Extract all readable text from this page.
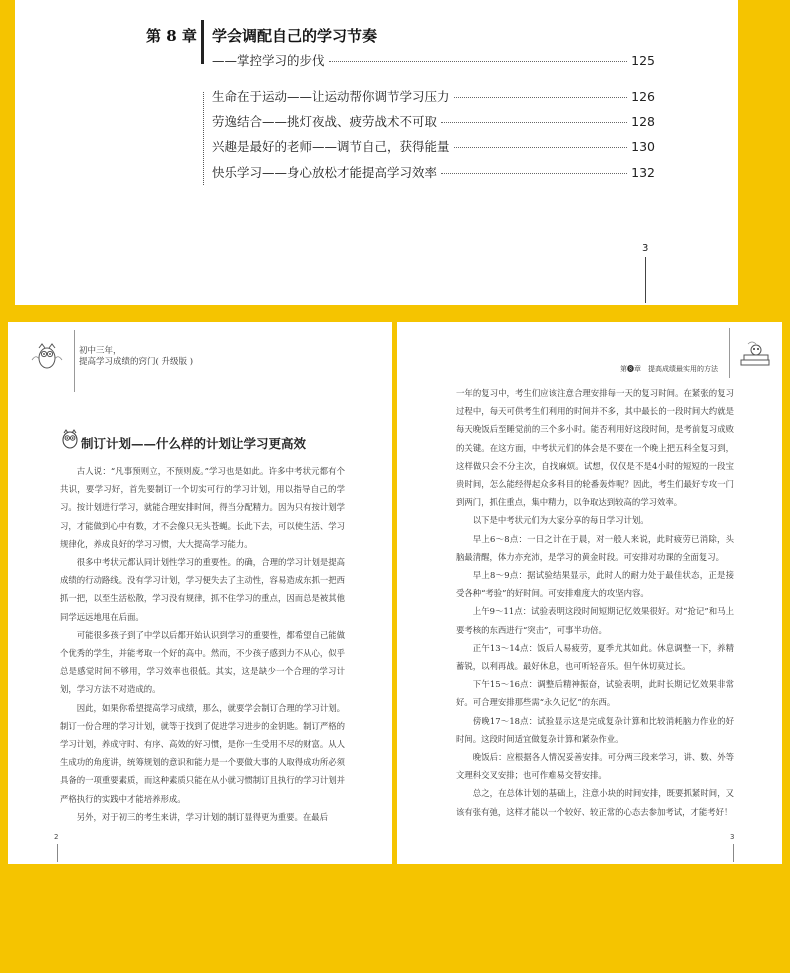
第 8 章 学会调配自己的学习节奏
——掌控学习的步伐	125
生命在于运动——让运动帮你调节学习压力	126
劳逸结合——挑灯夜战、疲劳战术不可取	128
兴趣是最好的老师——调节自己，获得能量	130
快乐学习——身心放松才能提高学习效率	132
3
初中三年，
提高学习成绩的窍门( 升级版 )
制订计划——什么样的计划让学习更高效

古人说：“凡事预则立，不预则废。”学习也是如此。许多中考状元都有个共识，要学习好，首先要制订一个切实可行的学习计划，用以指导自己的学习。按计划进行学习，就能合理安排时间，得当分配精力。因为只有按计划学习，才能做到心中有数，才不会像只无头苍蝇。长此下去，可以使生活、学习规律化，养成良好的学习习惯，大大提高学习能力。

很多中考状元都认同计划性学习的重要性。的确，合理的学习计划是提高成绩的行动路线。没有学习计划，学习便失去了主动性，容易造成东抓一把西抓一把，以至生活松散，学习没有规律，抓不住学习的重点，因而总是被其他同学远远地甩在后面。

可能很多孩子到了中学以后都开始认识到学习的重要性，都希望自己能做个优秀的学生，并能考取一个好的高中。然而，不少孩子感到力不从心，似乎总是感觉时间不够用，学习效率也很低。其实，这是缺少一个合理的学习计划，学习方法不对造成的。

因此，如果你希望提高学习成绩，那么，就要学会制订合理的学习计划。制订一份合理的学习计划，就等于找到了促进学习进步的金钥匙。制订严格的学习计划，养成守时、有序、高效的好习惯，是你一生受用不尽的财富。从人生成功的角度讲，统筹规划的意识和能力是一个要做大事的人取得成功所必须具备的一项重要素质，而这种素质只能在从小就习惯制订且执行的学习计划并严格执行的实践中才能培养形成。

另外，对于初三的考生来讲，学习计划的制订显得更为重要。在最后

2
第❽章　提高成绩最实用的方法

一年的复习中，考生们应该注意合理安排每一天的复习时间。在紧张的复习过程中，每天可供考生们利用的时间并不多，其中最长的一段时间大约就是每天晚饭后至睡觉前的三个多小时。能否利用好这段时间，是考前复习成败的关键。在这方面，中考状元们的体会是不要在一个晚上把五科全复习到，这样做只会不分主次，自找麻烦。试想，仅仅是不是4小时的短短的一段宝贵时间，怎么能经得起众多科目的轮番轰炸呢？因此，考生们最好专攻一门到两门，抓住重点，集中精力，以争取达到较高的学习效率。

以下是中考状元们为大家分享的每日学习计划。

早上6～8点：一日之计在于晨，对一般人来说，此时疲劳已消除，头脑最清醒，体力亦充沛，是学习的黄金时段。可安排对功课的全面复习。

早上8～9点：据试验结果显示，此时人的耐力处于最佳状态，正是接受各种“考验”的好时间。可安排难度大的攻坚内容。

上午9～11点：试验表明这段时间短期记忆效果很好。对“抢记”和马上要考核的东西进行“突击”，可事半功倍。

正午13～14点：饭后人易疲劳，夏季尤其如此。休息调整一下，养精蓄锐，以利再战。最好休息，也可听轻音乐。但午休切莫过长。

下午15～16点：调整后精神振奋，试验表明，此时长期记忆效果非常好。可合理安排那些需“永久记忆”的东西。

傍晚17～18点：试验显示这是完成复杂计算和比较消耗脑力作业的好时间。这段时间适宜做复杂计算和紧杂作业。

晚饭后：应根据各人情况妥善安排。可分两三段来学习，讲、数、外等文理科交叉安排；也可作难易交替安排。

总之，在总体计划的基础上，注意小块的时间安排，既要抓紧时间，又该有张有弛，这样才能以一个较好、较正常的心态去参加考试，才能考好！

3
